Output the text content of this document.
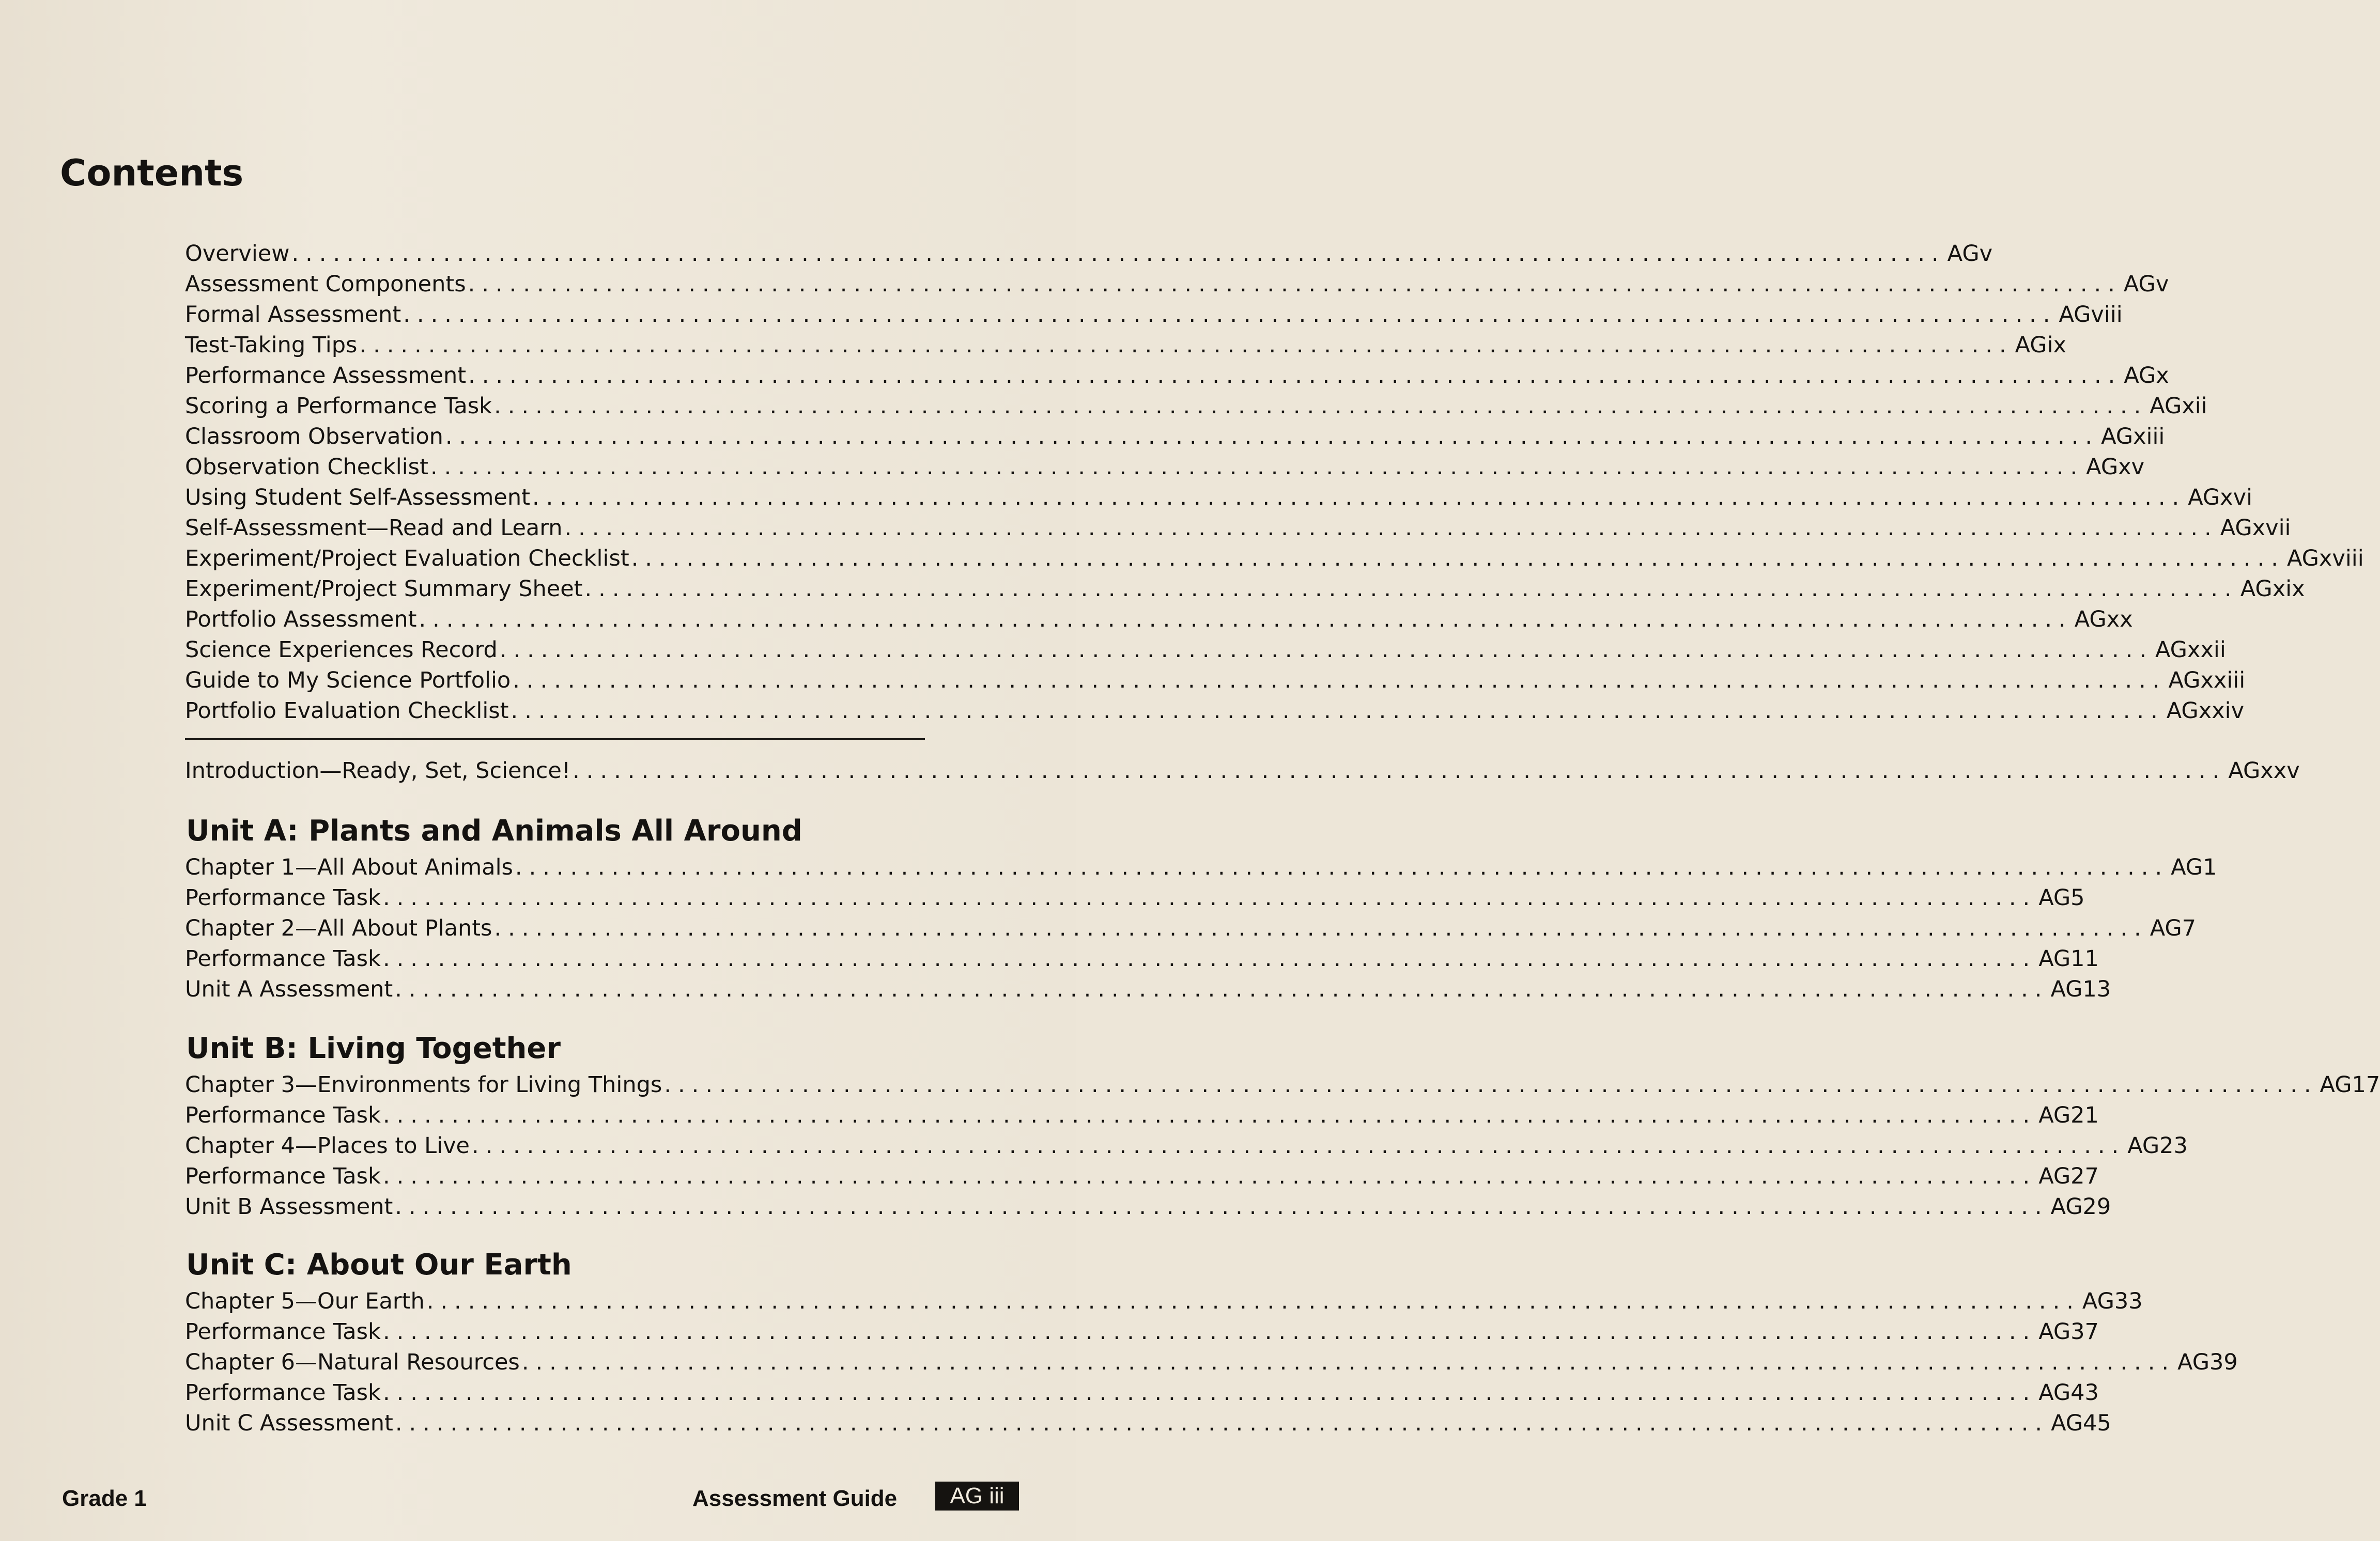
Contents
Overview ........................................................................................................................ AGv
Assessment Components ........................................................................................................................ AGv
Formal Assessment ........................................................................................................................ AGviii
Test-Taking Tips ........................................................................................................................ AGix
Performance Assessment ........................................................................................................................ AGx
Scoring a Performance Task ........................................................................................................................ AGxii
Classroom Observation ........................................................................................................................ AGxiii
Observation Checklist ........................................................................................................................ AGxv
Using Student Self-Assessment ........................................................................................................................ AGxvi
Self-Assessment—Read and Learn ........................................................................................................................ AGxvii
Experiment/Project Evaluation Checklist ........................................................................................................................ AGxviii
Experiment/Project Summary Sheet ........................................................................................................................ AGxix
Portfolio Assessment ........................................................................................................................ AGxx
Science Experiences Record ........................................................................................................................ AGxxii
Guide to My Science Portfolio ........................................................................................................................ AGxxiii
Portfolio Evaluation Checklist ........................................................................................................................ AGxxiv
Introduction—Ready, Set, Science! ........................................................................................................................ AGxxv
Unit A: Plants and Animals All Around
Chapter 1—All About Animals ........................................................................................................................ AG1
Performance Task ........................................................................................................................ AG5
Chapter 2—All About Plants ........................................................................................................................ AG7
Performance Task ........................................................................................................................ AG11
Unit A Assessment ........................................................................................................................ AG13
Unit B: Living Together
Chapter 3—Environments for Living Things ........................................................................................................................ AG17
Performance Task ........................................................................................................................ AG21
Chapter 4—Places to Live ........................................................................................................................ AG23
Performance Task ........................................................................................................................ AG27
Unit B Assessment ........................................................................................................................ AG29
Unit C: About Our Earth
Chapter 5—Our Earth ........................................................................................................................ AG33
Performance Task ........................................................................................................................ AG37
Chapter 6—Natural Resources ........................................................................................................................ AG39
Performance Task ........................................................................................................................ AG43
Unit C Assessment ........................................................................................................................ AG45
Grade 1	Assessment Guide	AG iii
